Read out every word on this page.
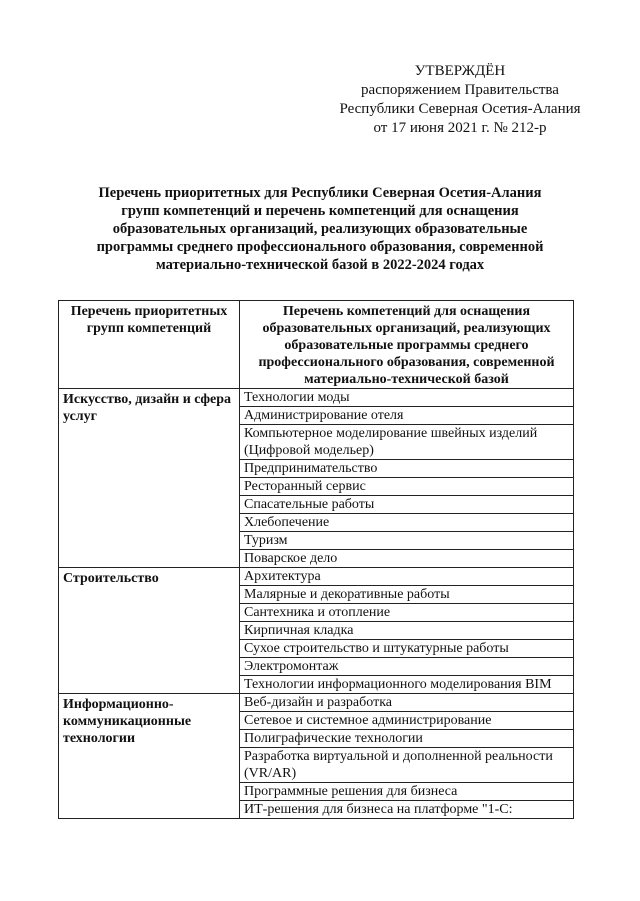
УТВЕРЖДЁН
распоряжением Правительства
Республики Северная Осетия-Алания
от 17 июня 2021 г. № 212-р
Перечень приоритетных для Республики Северная Осетия-Алания
групп компетенций и перечень компетенций для оснащения
образовательных организаций, реализующих образовательные
программы среднего профессионального образования, современной
материально-технической базой в 2022-2024 годах
Перечень приоритетных групп компетенций	Перечень компетенций для оснащения образовательных организаций, реализующих образовательные программы среднего профессионального образования, современной материально-технической базой
Искусство, дизайн и сфера услуг	Технологии моды
	Администрирование отеля
	Компьютерное моделирование швейных изделий (Цифровой модельер)
	Предпринимательство
	Ресторанный сервис
	Спасательные работы
	Хлебопечение
	Туризм
	Поварское дело
Строительство	Архитектура
	Малярные и декоративные работы
	Сантехника и отопление
	Кирпичная кладка
	Сухое строительство и штукатурные работы
	Электромонтаж
	Технологии информационного моделирования BIM
Информационно-коммуникационные технологии	Веб-дизайн и разработка
	Сетевое и системное администрирование
	Полиграфические технологии
	Разработка виртуальной и дополненной реальности (VR/AR)
	Программные решения для бизнеса
	ИТ-решения для бизнеса на платформе "1-С:
